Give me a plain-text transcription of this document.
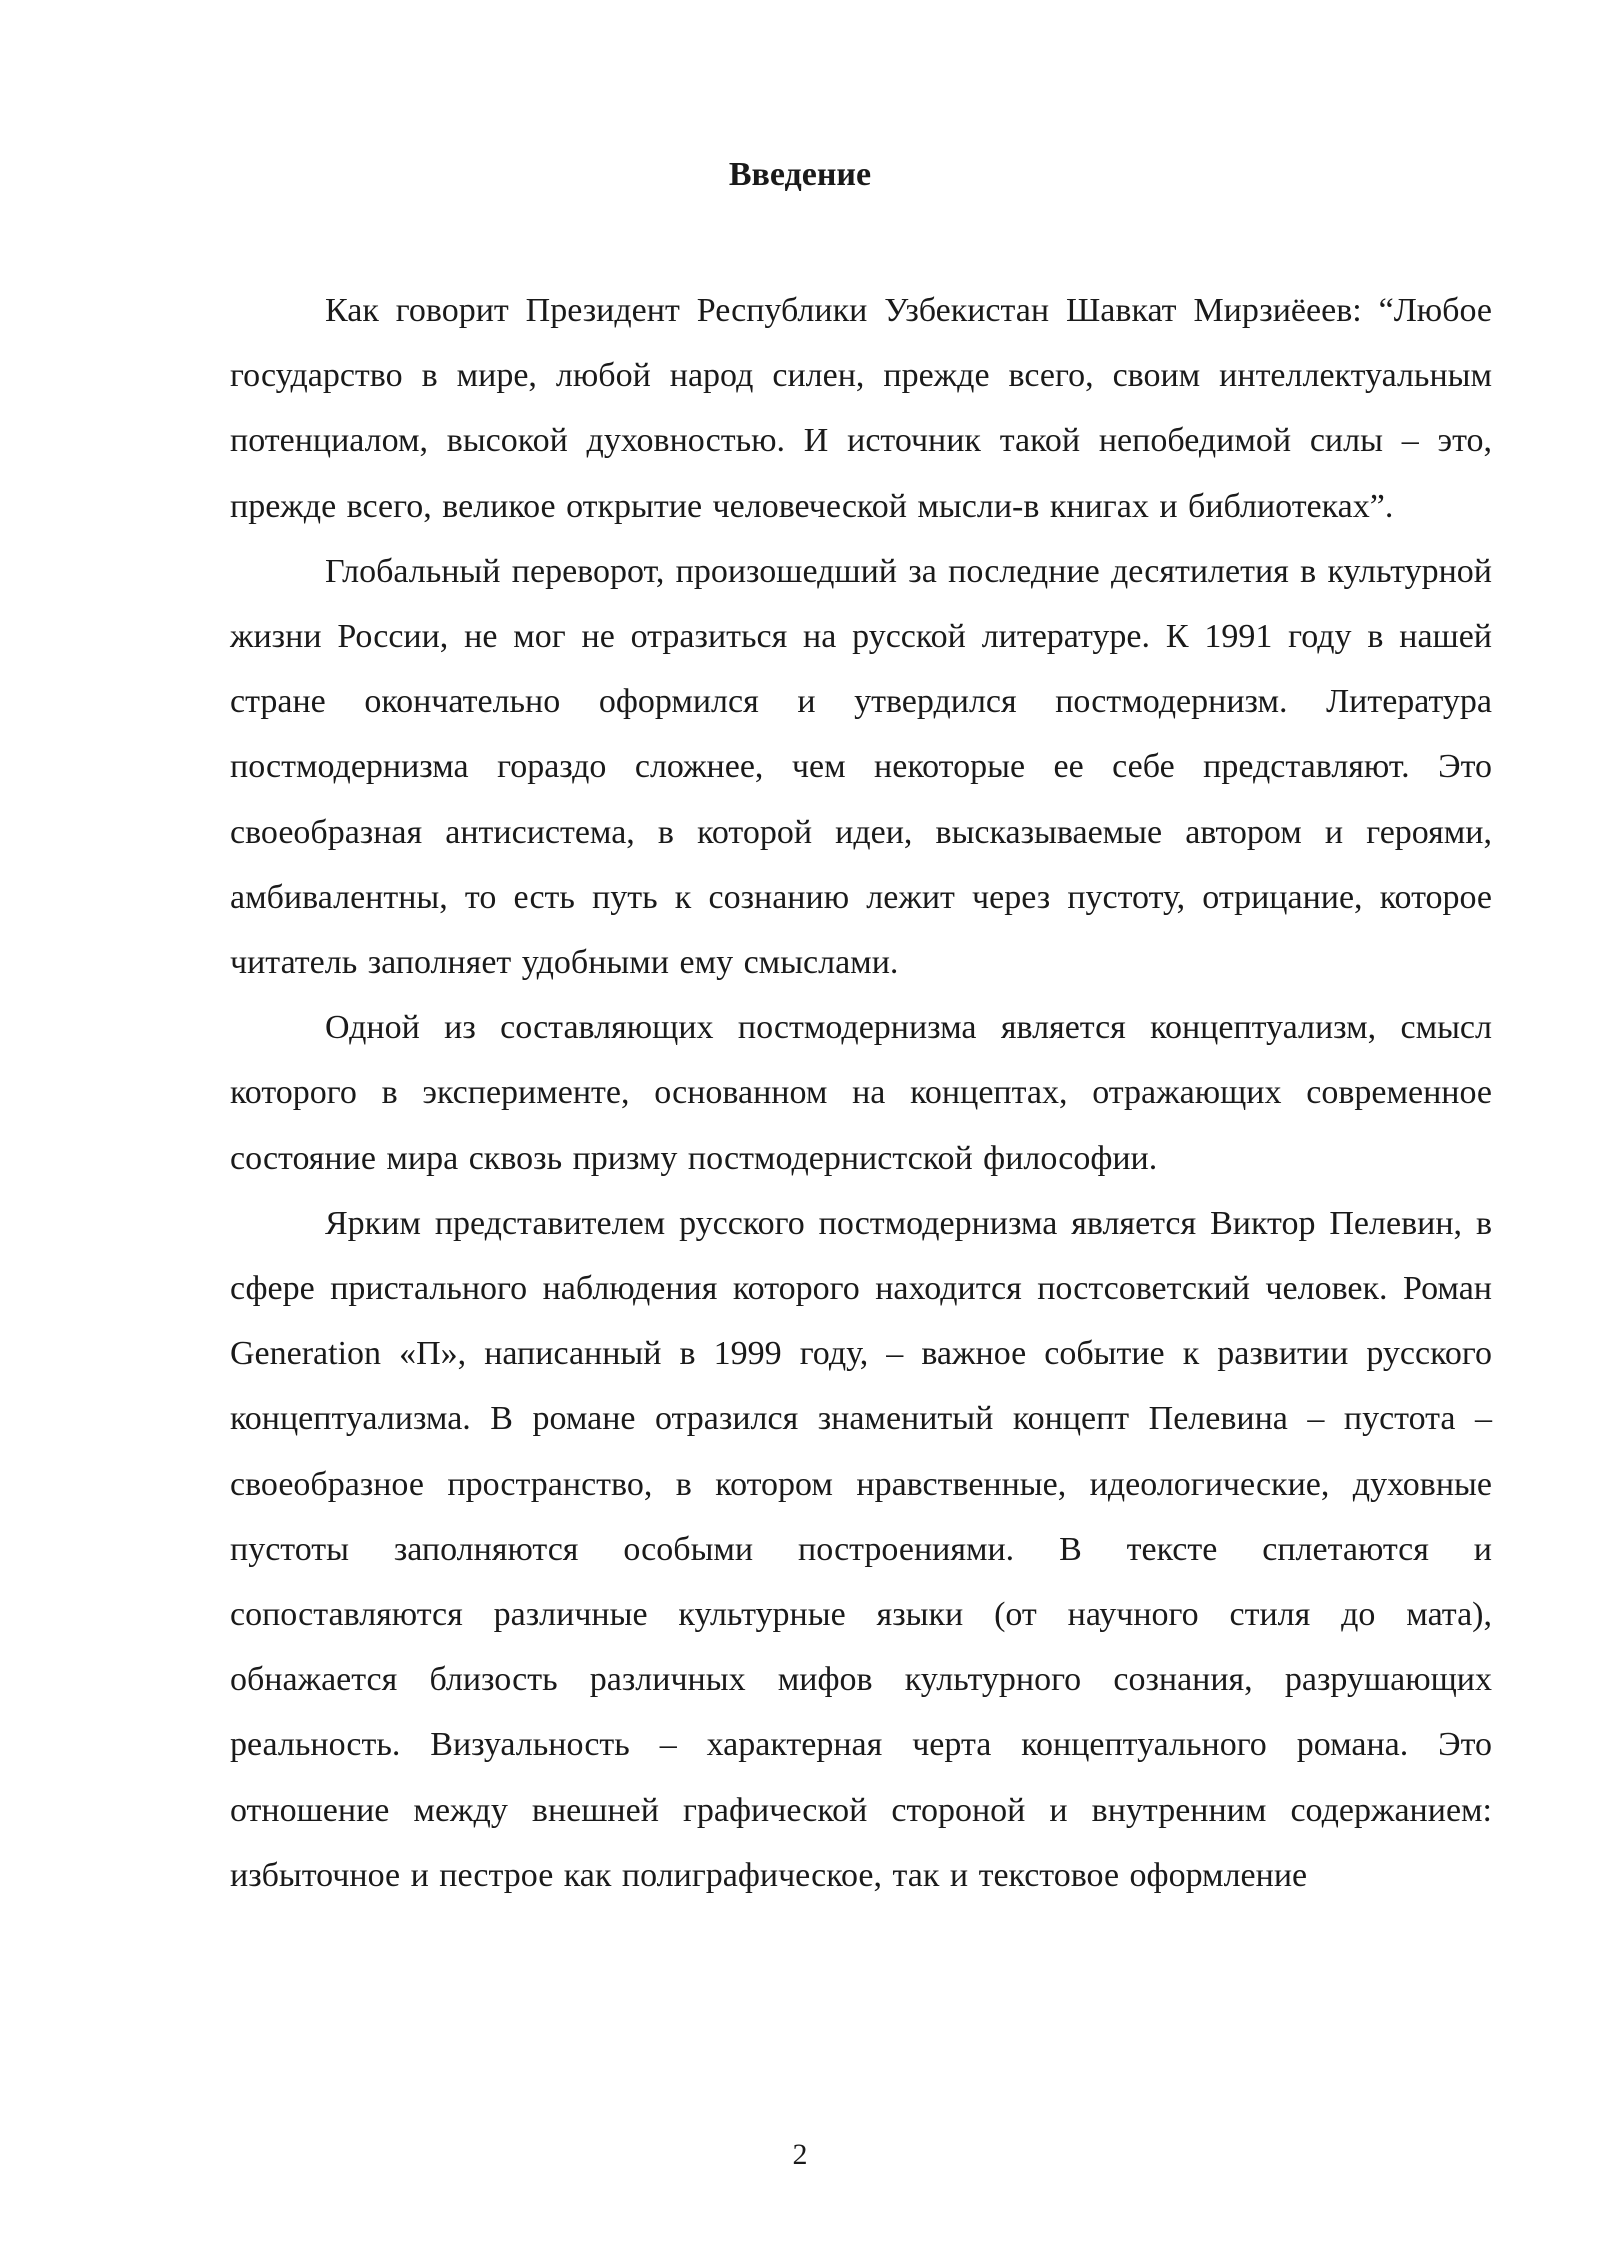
Введение

Как говорит Президент Республики Узбекистан Шавкат Мирзиёеев: “Любое государство в мире, любой народ силен, прежде всего, своим интеллектуальным потенциалом, высокой духовностью. И источник такой непобедимой силы – это, прежде всего, великое открытие человеческой мысли-в книгах и библиотеках”.

Глобальный переворот, произошедший за последние десятилетия в культурной жизни России, не мог не отразиться на русской литературе. К 1991 году в нашей стране окончательно оформился и утвердился постмодернизм. Литература постмодернизма гораздо сложнее, чем некоторые ее себе представляют. Это своеобразная антисистема, в которой идеи, высказываемые автором и героями, амбивалентны, то есть путь к сознанию лежит через пустоту, отрицание, которое читатель заполняет удобными ему смыслами.

Одной из составляющих постмодернизма является концептуализм, смысл которого в эксперименте, основанном на концептах, отражающих современное состояние мира сквозь призму постмодернистской философии.

Ярким представителем русского постмодернизма является Виктор Пелевин, в сфере пристального наблюдения которого находится постсоветский человек. Роман Generation «П», написанный в 1999 году, – важное событие к развитии русского концептуализма. В романе отразился знаменитый концепт Пелевина – пустота – своеобразное пространство, в котором нравственные, идеологические, духовные пустоты заполняются особыми построениями. В тексте сплетаются и сопоставляются различные культурные языки (от научного стиля до мата), обнажается близость различных мифов культурного сознания, разрушающих реальность. Визуальность – характерная черта концептуального романа. Это отношение между внешней графической стороной и внутренним содержанием: избыточное и пестрое как полиграфическое, так и текстовое оформление

2
